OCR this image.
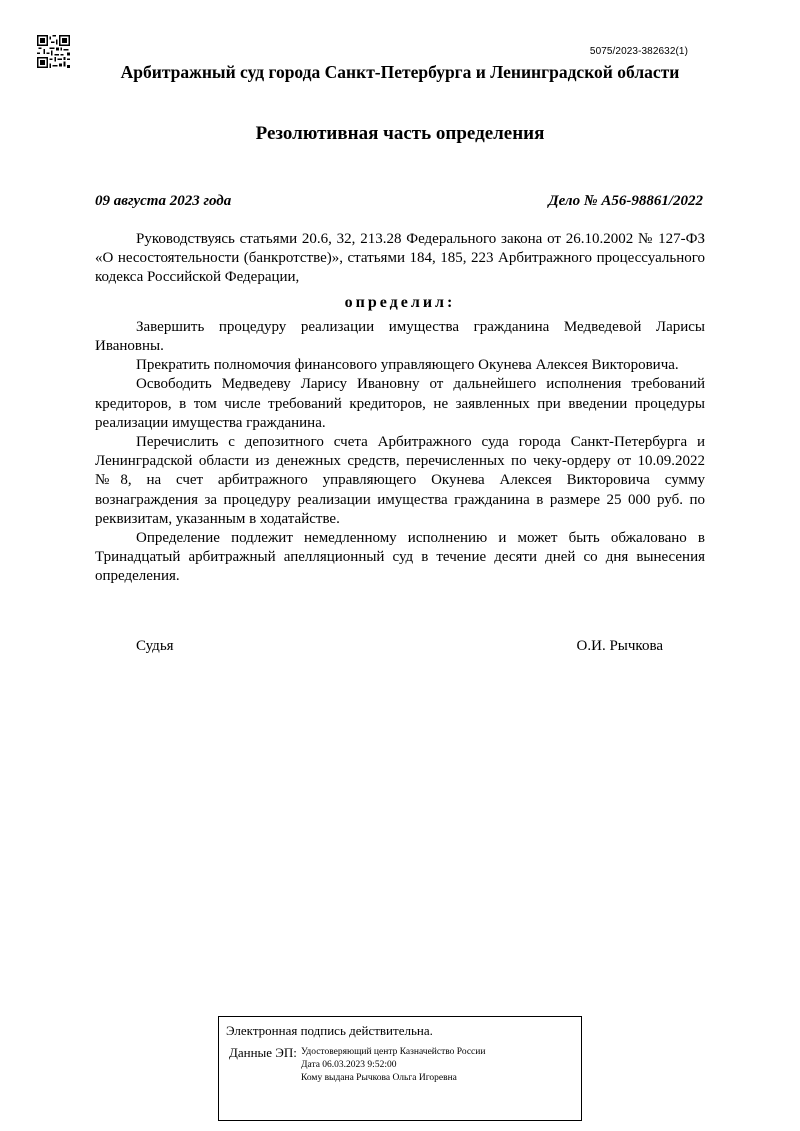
5075/2023-382632(1)
Арбитражный суд города Санкт-Петербурга и Ленинградской области
Резолютивная часть определения
09 августа 2023 года	Дело № А56-98861/2022

Руководствуясь статьями 20.6, 32, 213.28 Федерального закона от 26.10.2002 № 127-ФЗ «О несостоятельности (банкротстве)», статьями 184, 185, 223 Арбитражного процессуального кодекса Российской Федерации,

определил:

Завершить процедуру реализации имущества гражданина Медведевой Ларисы Ивановны.

Прекратить полномочия финансового управляющего Окунева Алексея Викторовича.

Освободить Медведеву Ларису Ивановну от дальнейшего исполнения требований кредиторов, в том числе требований кредиторов, не заявленных при введении процедуры реализации имущества гражданина.

Перечислить с депозитного счета Арбитражного суда города Санкт-Петербурга и Ленинградской области из денежных средств, перечисленных по чеку-ордеру от 10.09.2022 №8, на счет арбитражного управляющего Окунева Алексея Викторовича сумму вознаграждения за процедуру реализации имущества гражданина в размере 25 000 руб. по реквизитам, указанным в ходатайстве.

Определение подлежит немедленному исполнению и может быть обжаловано в Тринадцатый арбитражный апелляционный суд в течение десяти дней со дня вынесения определения.

Судья	О.И. Рычкова
Электронная подпись действительна.
Данные ЭП: Удостоверяющий центр Казначейство России
Дата 06.03.2023 9:52:00
Кому выдана Рычкова Ольга Игоревна
